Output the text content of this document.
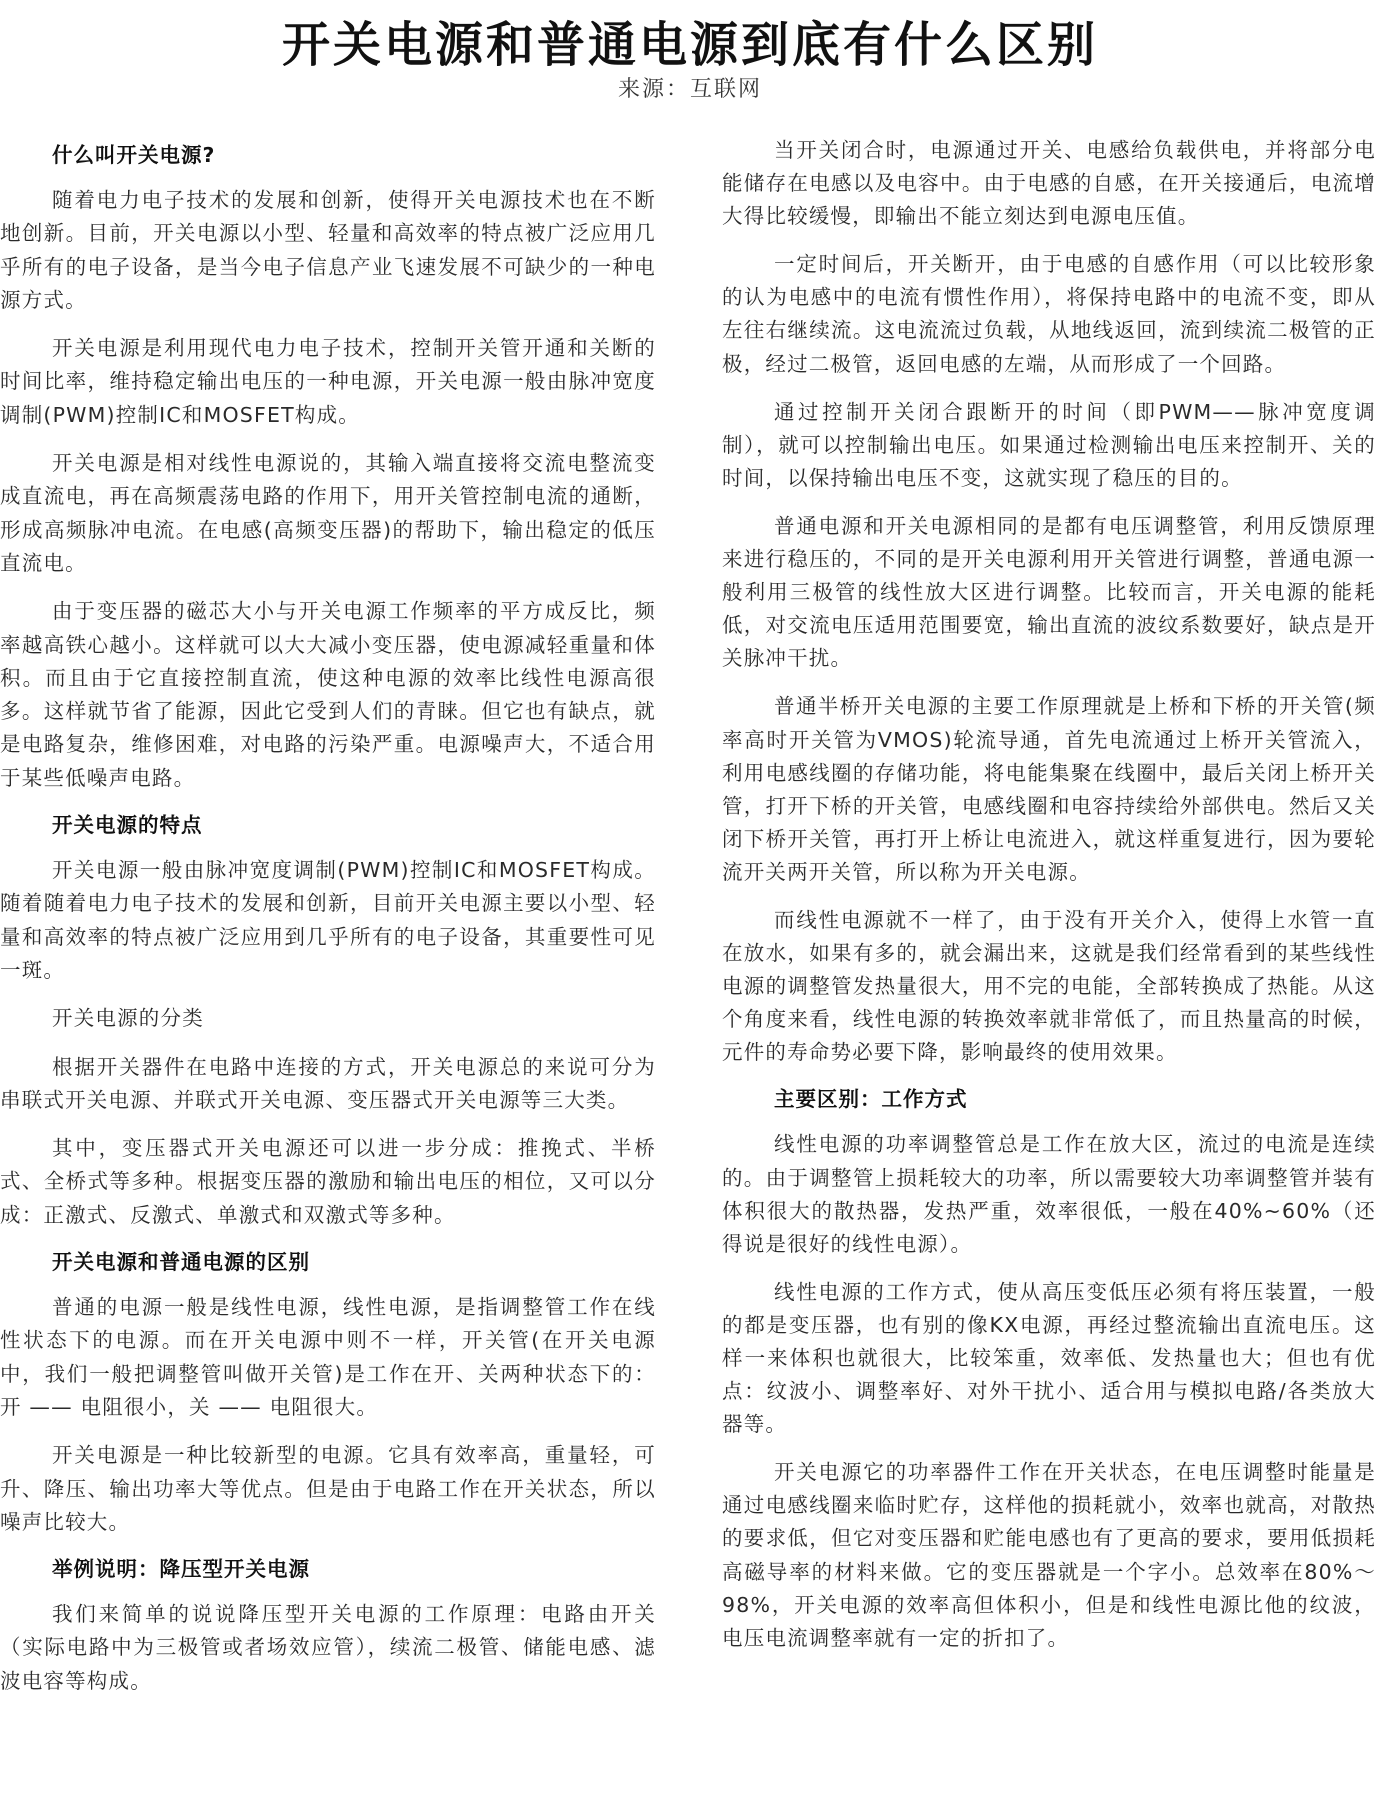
开关电源和普通电源到底有什么区别
来源：互联网
什么叫开关电源?

随着电力电子技术的发展和创新，使得开关电源技术也在不断地创新。目前，开关电源以小型、轻量和高效率的特点被广泛应用几乎所有的电子设备，是当今电子信息产业飞速发展不可缺少的一种电源方式。

开关电源是利用现代电力电子技术，控制开关管开通和关断的时间比率，维持稳定输出电压的一种电源，开关电源一般由脉冲宽度调制(PWM)控制IC和MOSFET构成。

开关电源是相对线性电源说的，其输入端直接将交流电整流变成直流电，再在高频震荡电路的作用下，用开关管控制电流的通断，形成高频脉冲电流。在电感(高频变压器)的帮助下，输出稳定的低压直流电。

由于变压器的磁芯大小与开关电源工作频率的平方成反比，频率越高铁心越小。这样就可以大大减小变压器，使电源减轻重量和体积。而且由于它直接控制直流，使这种电源的效率比线性电源高很多。这样就节省了能源，因此它受到人们的青睐。但它也有缺点，就是电路复杂，维修困难，对电路的污染严重。电源噪声大，不适合用于某些低噪声电路。

开关电源的特点

开关电源一般由脉冲宽度调制(PWM)控制IC和MOSFET构成。随着随着电力电子技术的发展和创新，目前开关电源主要以小型、轻量和高效率的特点被广泛应用到几乎所有的电子设备，其重要性可见一斑。

开关电源的分类

根据开关器件在电路中连接的方式，开关电源总的来说可分为串联式开关电源、并联式开关电源、变压器式开关电源等三大类。

其中，变压器式开关电源还可以进一步分成：推挽式、半桥式、全桥式等多种。根据变压器的激励和输出电压的相位，又可以分成：正激式、反激式、单激式和双激式等多种。

开关电源和普通电源的区别

普通的电源一般是线性电源，线性电源，是指调整管工作在线性状态下的电源。而在开关电源中则不一样，开关管(在开关电源中，我们一般把调整管叫做开关管)是工作在开、关两种状态下的：开 —— 电阻很小，关 —— 电阻很大。

开关电源是一种比较新型的电源。它具有效率高，重量轻，可升、降压、输出功率大等优点。但是由于电路工作在开关状态，所以噪声比较大。

举例说明：降压型开关电源

我们来简单的说说降压型开关电源的工作原理：电路由开关（实际电路中为三极管或者场效应管），续流二极管、储能电感、滤波电容等构成。

当开关闭合时，电源通过开关、电感给负载供电，并将部分电能储存在电感以及电容中。由于电感的自感，在开关接通后，电流增大得比较缓慢，即输出不能立刻达到电源电压值。

一定时间后，开关断开，由于电感的自感作用（可以比较形象的认为电感中的电流有惯性作用），将保持电路中的电流不变，即从左往右继续流。这电流流过负载，从地线返回，流到续流二极管的正极，经过二极管，返回电感的左端，从而形成了一个回路。

通过控制开关闭合跟断开的时间（即PWM——脉冲宽度调制），就可以控制输出电压。如果通过检测输出电压来控制开、关的时间，以保持输出电压不变，这就实现了稳压的目的。

普通电源和开关电源相同的是都有电压调整管，利用反馈原理来进行稳压的，不同的是开关电源利用开关管进行调整，普通电源一般利用三极管的线性放大区进行调整。比较而言，开关电源的能耗低，对交流电压适用范围要宽，输出直流的波纹系数要好，缺点是开关脉冲干扰。

普通半桥开关电源的主要工作原理就是上桥和下桥的开关管(频率高时开关管为VMOS)轮流导通，首先电流通过上桥开关管流入，利用电感线圈的存储功能，将电能集聚在线圈中，最后关闭上桥开关管，打开下桥的开关管，电感线圈和电容持续给外部供电。然后又关闭下桥开关管，再打开上桥让电流进入，就这样重复进行，因为要轮流开关两开关管，所以称为开关电源。

而线性电源就不一样了，由于没有开关介入，使得上水管一直在放水，如果有多的，就会漏出来，这就是我们经常看到的某些线性电源的调整管发热量很大，用不完的电能，全部转换成了热能。从这个角度来看，线性电源的转换效率就非常低了，而且热量高的时候，元件的寿命势必要下降，影响最终的使用效果。

主要区别：工作方式

线性电源的功率调整管总是工作在放大区，流过的电流是连续的。由于调整管上损耗较大的功率，所以需要较大功率调整管并装有体积很大的散热器，发热严重，效率很低，一般在40%~60%（还得说是很好的线性电源）。

线性电源的工作方式，使从高压变低压必须有将压装置，一般的都是变压器，也有别的像KX电源，再经过整流输出直流电压。这样一来体积也就很大，比较笨重，效率低、发热量也大；但也有优点：纹波小、调整率好、对外干扰小、适合用与模拟电路/各类放大器等。

开关电源它的功率器件工作在开关状态，在电压调整时能量是通过电感线圈来临时贮存，这样他的损耗就小，效率也就高，对散热的要求低，但它对变压器和贮能电感也有了更高的要求，要用低损耗高磁导率的材料来做。它的变压器就是一个字小。总效率在80%～98%，开关电源的效率高但体积小，但是和线性电源比他的纹波，电压电流调整率就有一定的折扣了。
